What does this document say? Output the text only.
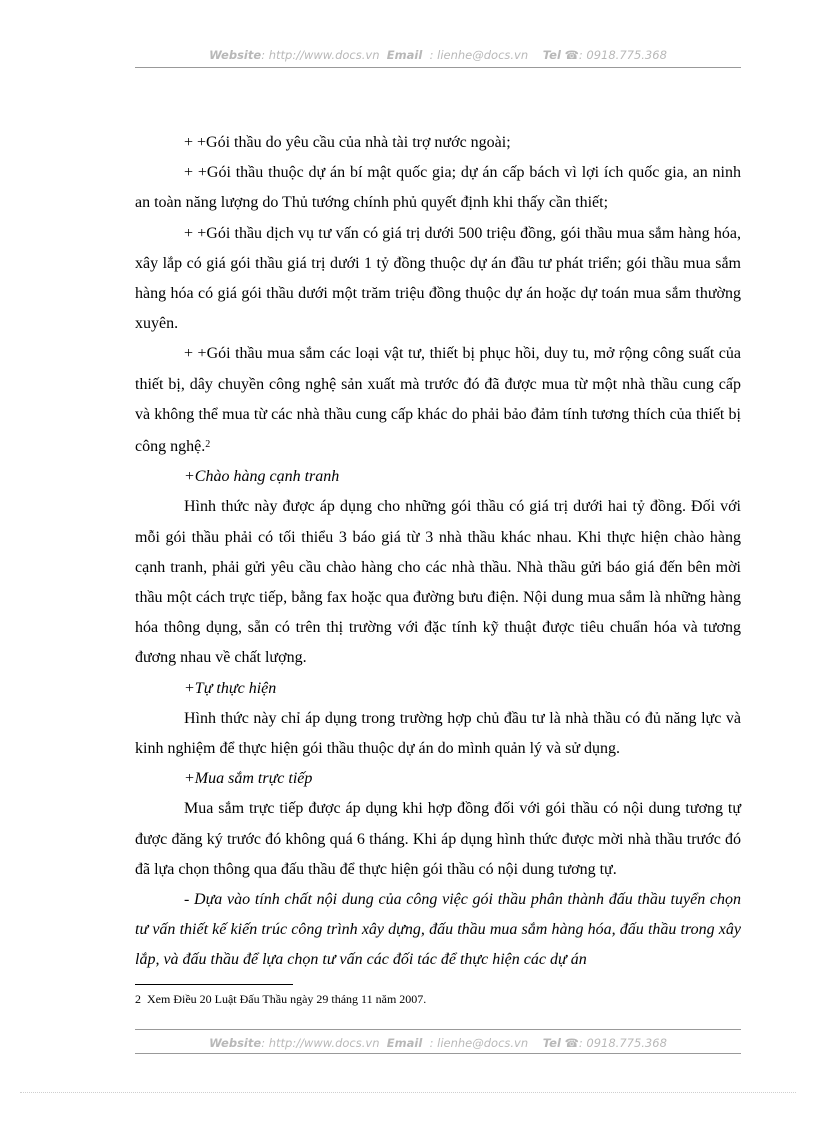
Website: http://www.docs.vn Email : lienhe@docs.vn Tel ☎: 0918.775.368

+ +Gói thầu do yêu cầu của nhà tài trợ nước ngoài;

+ +Gói thầu thuộc dự án bí mật quốc gia; dự án cấp bách vì lợi ích quốc gia, an ninh an toàn năng lượng do Thủ tướng chính phủ quyết định khi thấy cần thiết;

+ +Gói thầu dịch vụ tư vấn có giá trị dưới 500 triệu đồng, gói thầu mua sắm hàng hóa, xây lắp có giá gói thầu giá trị dưới 1 tỷ đồng thuộc dự án đầu tư phát triển; gói thầu mua sắm hàng hóa có giá gói thầu dưới một trăm triệu đồng thuộc dự án hoặc dự toán mua sắm thường xuyên.

+ +Gói thầu mua sắm các loại vật tư, thiết bị phục hồi, duy tu, mở rộng công suất của thiết bị, dây chuyền công nghệ sản xuất mà trước đó đã được mua từ một nhà thầu cung cấp và không thể mua từ các nhà thầu cung cấp khác do phải bảo đảm tính tương thích của thiết bị công nghệ.$^2$

+Chào hàng cạnh tranh

Hình thức này được áp dụng cho những gói thầu có giá trị dưới hai tỷ đồng. Đối với mỗi gói thầu phải có tối thiểu 3 báo giá từ 3 nhà thầu khác nhau. Khi thực hiện chào hàng cạnh tranh, phải gửi yêu cầu chào hàng cho các nhà thầu. Nhà thầu gửi báo giá đến bên mời thầu một cách trực tiếp, bằng fax hoặc qua đường bưu điện. Nội dung mua sắm là những hàng hóa thông dụng, sẵn có trên thị trường với đặc tính kỹ thuật được tiêu chuẩn hóa và tương đương nhau về chất lượng.

+Tự thực hiện

Hình thức này chỉ áp dụng trong trường hợp chủ đầu tư là nhà thầu có đủ năng lực và kinh nghiệm để thực hiện gói thầu thuộc dự án do mình quản lý và sử dụng.

+Mua sắm trực tiếp

Mua sắm trực tiếp được áp dụng khi hợp đồng đối với gói thầu có nội dung tương tự được đăng ký trước đó không quá 6 tháng. Khi áp dụng hình thức được mời nhà thầu trước đó đã lựa chọn thông qua đấu thầu để thực hiện gói thầu có nội dung tương tự.

- Dựa vào tính chất nội dung của công việc gói thầu phân thành đấu thầu tuyển chọn tư vấn thiết kế kiến trúc công trình xây dựng, đấu thầu mua sắm hàng hóa, đấu thầu trong xây lắp, và đấu thầu để lựa chọn tư vấn các đối tác để thực hiện các dự án

2 Xem Điều 20 Luật Đấu Thầu ngày 29 tháng 11 năm 2007.
Website: http://www.docs.vn Email : lienhe@docs.vn Tel ☎: 0918.775.368
